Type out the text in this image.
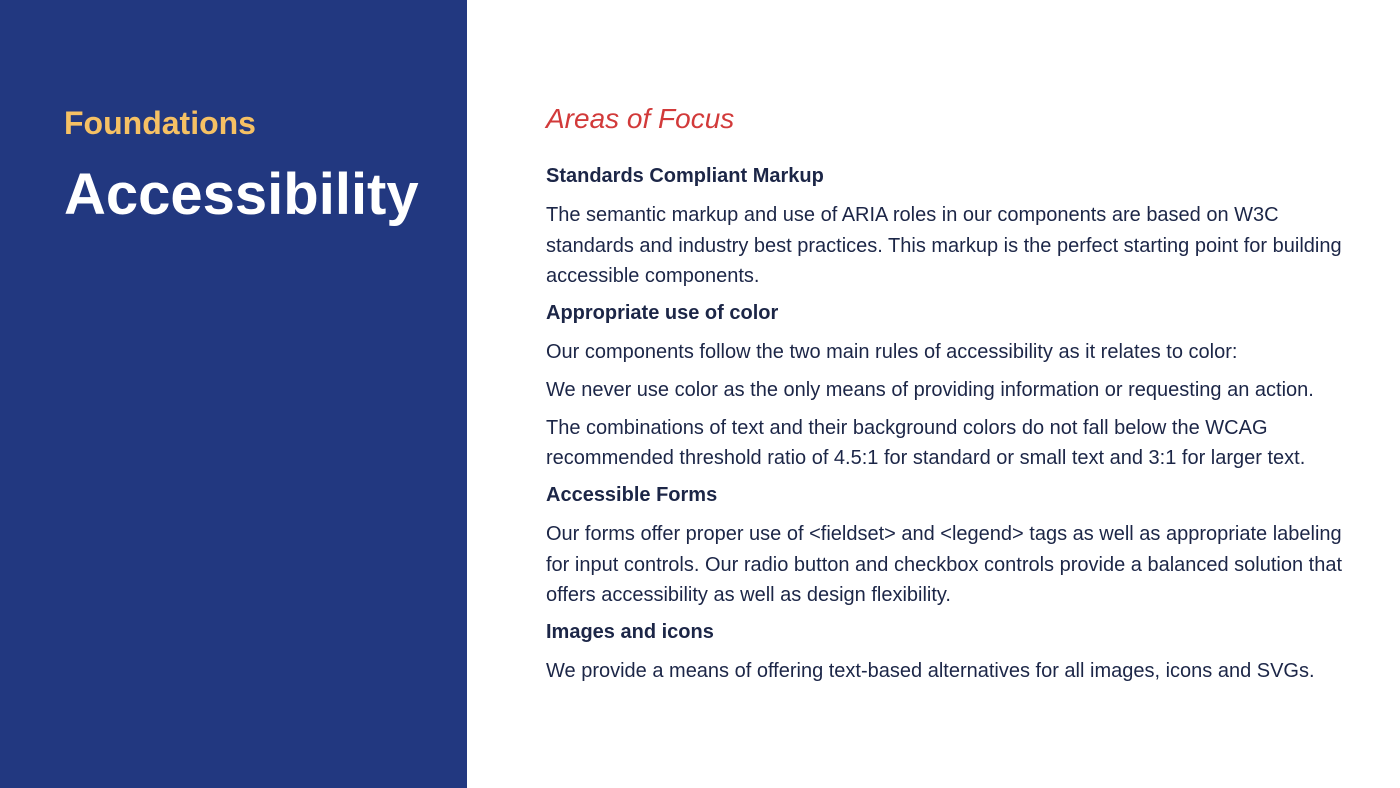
Foundations
Accessibility
Areas of Focus
Standards Compliant Markup

The semantic markup and use of ARIA roles in our components are based on W3C standards and industry best practices. This markup is the perfect starting point for building accessible components.

Appropriate use of color

Our components follow the two main rules of accessibility as it relates to color:

We never use color as the only means of providing information or requesting an action.

The combinations of text and their background colors do not fall below the WCAG recommended threshold ratio of 4.5:1 for standard or small text and 3:1 for larger text.

Accessible Forms

Our forms offer proper use of <fieldset> and <legend> tags as well as appropriate labeling for input controls. Our radio button and checkbox controls provide a balanced solution that offers accessibility as well as design flexibility.

Images and icons

We provide a means of offering text-based alternatives for all images, icons and SVGs.
